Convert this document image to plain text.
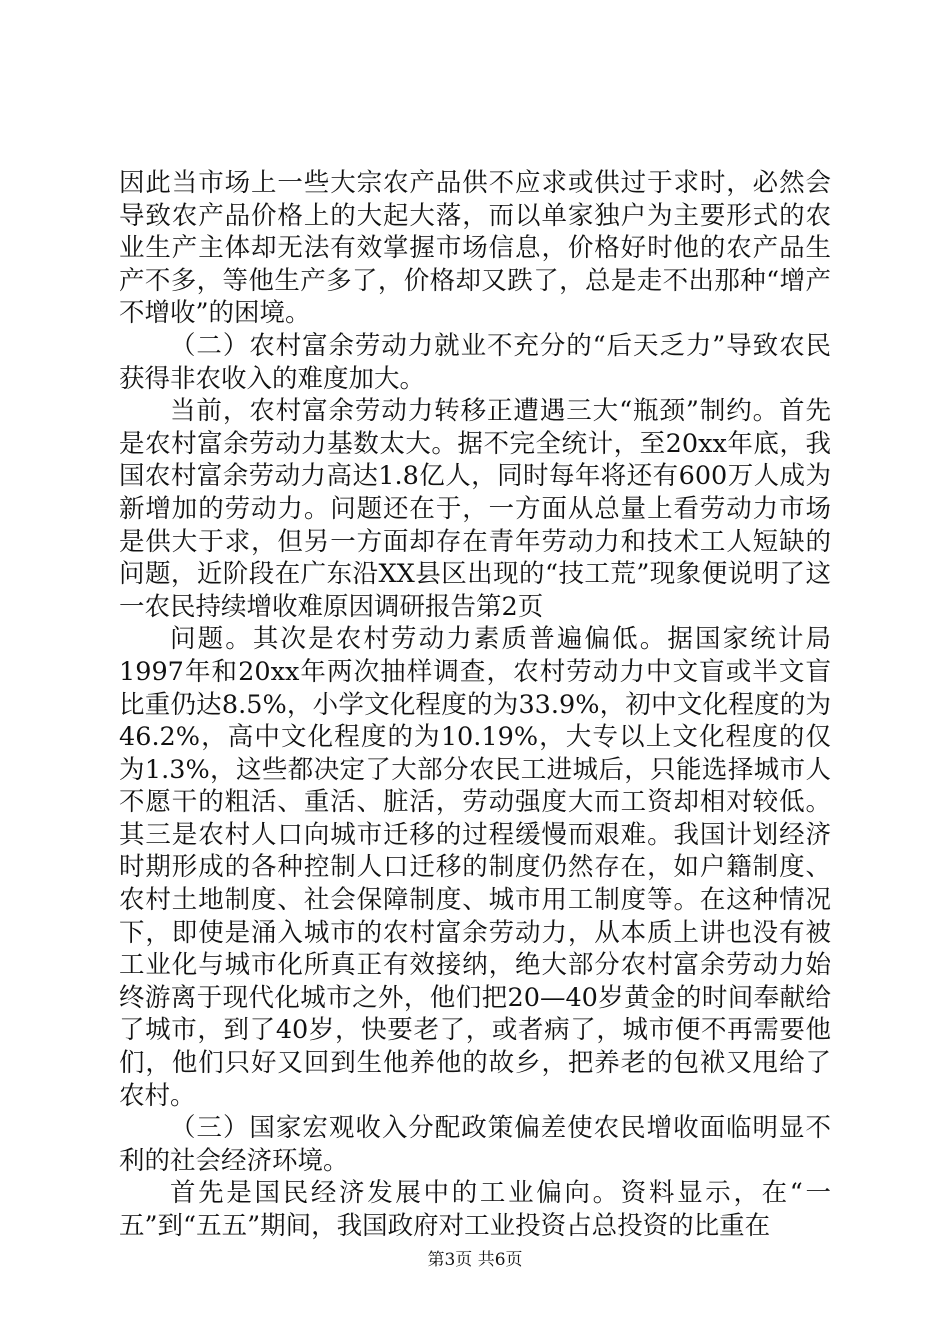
因此当市场上一些大宗农产品供不应求或供过于求时，必然会导致农产品价格上的大起大落，而以单家独户为主要形式的农业生产主体却无法有效掌握市场信息，价格好时他的农产品生产不多，等他生产多了，价格却又跌了，总是走不出那种“增产不增收”的困境。

（二）农村富余劳动力就业不充分的“后天乏力”导致农民获得非农收入的难度加大。

当前，农村富余劳动力转移正遭遇三大“瓶颈”制约。首先是农村富余劳动力基数太大。据不完全统计，至20xx年底，我国农村富余劳动力高达1.8亿人，同时每年将还有600万人成为新增加的劳动力。问题还在于，一方面从总量上看劳动力市场是供大于求，但另一方面却存在青年劳动力和技术工人短缺的问题，近阶段在广东沿XX县区出现的“技工荒”现象便说明了这一农民持续增收难原因调研报告第2页

问题。其次是农村劳动力素质普遍偏低。据国家统计局1997年和20xx年两次抽样调查，农村劳动力中文盲或半文盲比重仍达8.5%，小学文化程度的为33.9%，初中文化程度的为46.2%，高中文化程度的为10.19%，大专以上文化程度的仅为1.3%，这些都决定了大部分农民工进城后，只能选择城市人不愿干的粗活、重活、脏活，劳动强度大而工资却相对较低。其三是农村人口向城市迁移的过程缓慢而艰难。我国计划经济时期形成的各种控制人口迁移的制度仍然存在，如户籍制度、农村土地制度、社会保障制度、城市用工制度等。在这种情况下，即使是涌入城市的农村富余劳动力，从本质上讲也没有被工业化与城市化所真正有效接纳，绝大部分农村富余劳动力始终游离于现代化城市之外，他们把20—40岁黄金的时间奉献给了城市，到了40岁，快要老了，或者病了，城市便不再需要他们，他们只好又回到生他养他的故乡，把养老的包袱又甩给了农村。

（三）国家宏观收入分配政策偏差使农民增收面临明显不利的社会经济环境。

首先是国民经济发展中的工业偏向。资料显示，在“一五”到“五五”期间，我国政府对工业投资占总投资的比重在

第3页 共6页
